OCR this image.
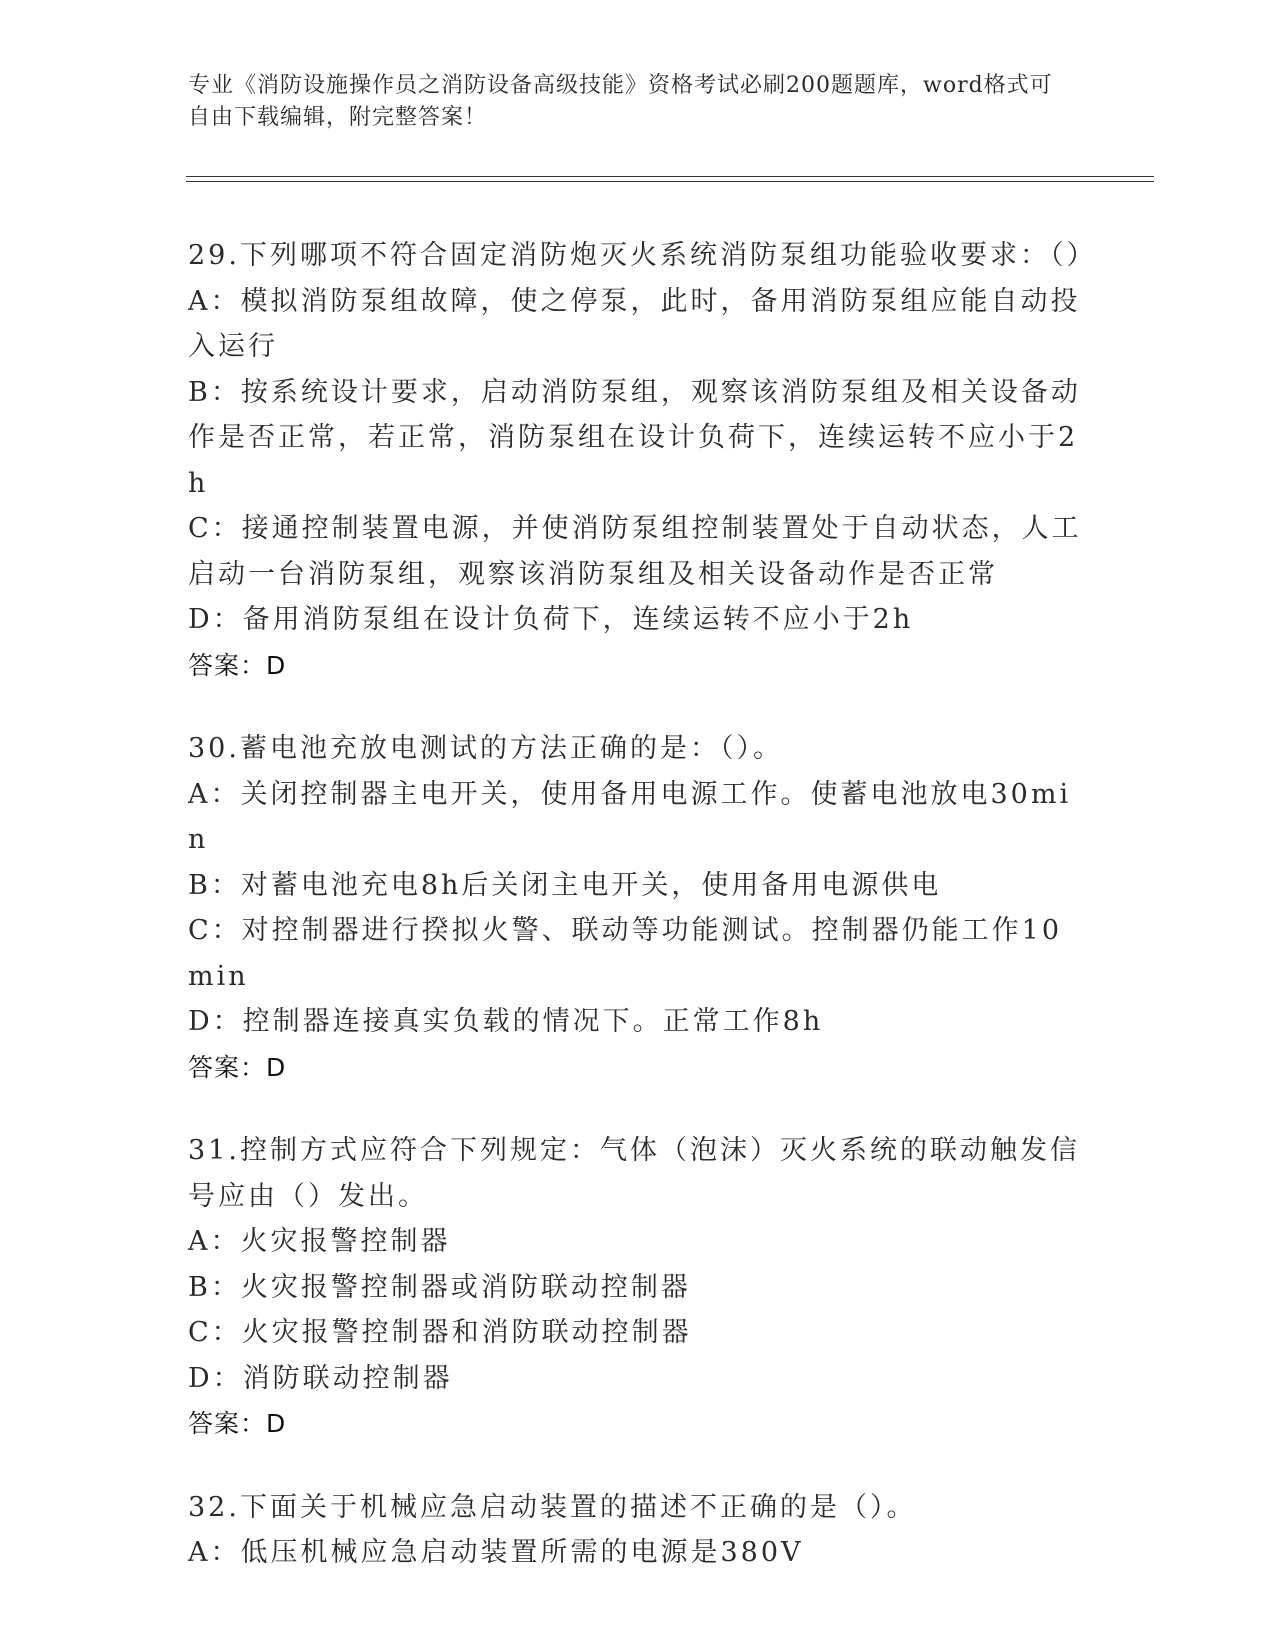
专业《消防设施操作员之消防设备高级技能》资格考试必刷200题题库，word格式可自由下载编辑，附完整答案！
29.下列哪项不符合固定消防炮灭火系统消防泵组功能验收要求：（）
A：模拟消防泵组故障，使之停泵，此时，备用消防泵组应能自动投入运行
B：按系统设计要求，启动消防泵组，观察该消防泵组及相关设备动作是否正常，若正常，消防泵组在设计负荷下，连续运转不应小于2h
C：接通控制装置电源，并使消防泵组控制装置处于自动状态，人工启动一台消防泵组，观察该消防泵组及相关设备动作是否正常
D：备用消防泵组在设计负荷下，连续运转不应小于2h
答案：D
30.蓄电池充放电测试的方法正确的是：（）。
A：关闭控制器主电开关，使用备用电源工作。使蓄电池放电30min
B：对蓄电池充电8h后关闭主电开关，使用备用电源供电
C：对控制器进行揆拟火警、联动等功能测试。控制器仍能工作10min
D：控制器连接真实负载的情况下。正常工作8h
答案：D
31.控制方式应符合下列规定：气体（泡沫）灭火系统的联动触发信号应由（）发出。
A：火灾报警控制器
B：火灾报警控制器或消防联动控制器
C：火灾报警控制器和消防联动控制器
D：消防联动控制器
答案：D
32.下面关于机械应急启动装置的描述不正确的是（）。
A：低压机械应急启动装置所需的电源是380V
